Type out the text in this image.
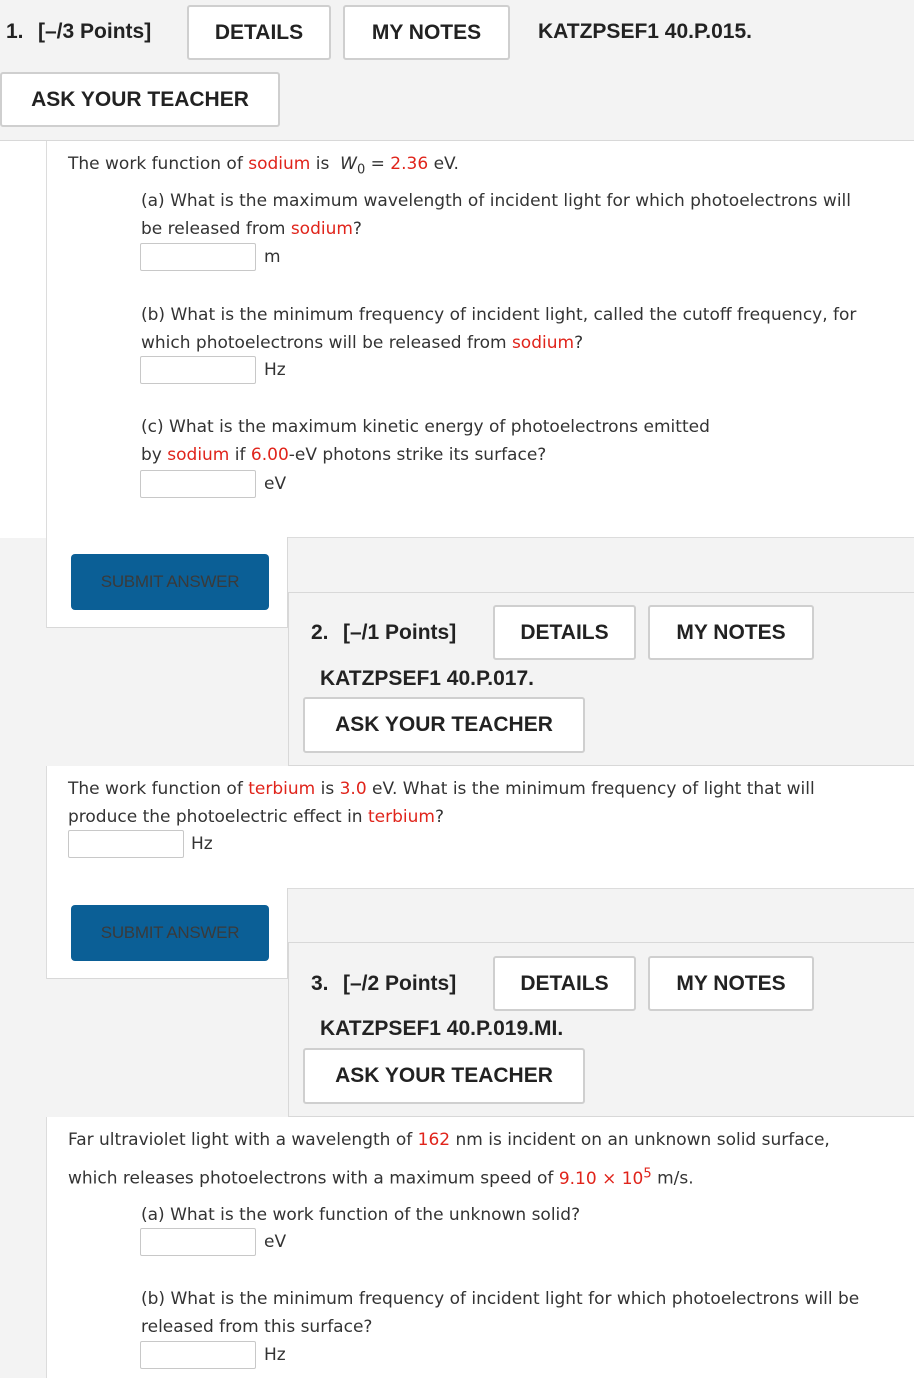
1. [–/3 Points]	DETAILS	MY NOTES	KATZPSEF1 40.P.015.
ASK YOUR TEACHER
The work function of sodium is $W_0 = 2.36$ eV.
(a) What is the maximum wavelength of incident light for which photoelectrons will
be released from sodium?
m
(b) What is the minimum frequency of incident light, called the cutoff frequency, for
which photoelectrons will be released from sodium?
Hz
(c) What is the maximum kinetic energy of photoelectrons emitted
by sodium if 6.00-eV photons strike its surface?
eV
SUBMIT ANSWER
2. [–/1 Points]	DETAILS	MY NOTES
KATZPSEF1 40.P.017.
ASK YOUR TEACHER
The work function of terbium is 3.0 eV. What is the minimum frequency of light that will
produce the photoelectric effect in terbium?
Hz
SUBMIT ANSWER
3. [–/2 Points]	DETAILS	MY NOTES
KATZPSEF1 40.P.019.MI.
ASK YOUR TEACHER
Far ultraviolet light with a wavelength of 162 nm is incident on an unknown solid surface,
which releases photoelectrons with a maximum speed of $9.10 \times 10^5$ m/s.
(a) What is the work function of the unknown solid?
eV
(b) What is the minimum frequency of incident light for which photoelectrons will be
released from this surface?
Hz
